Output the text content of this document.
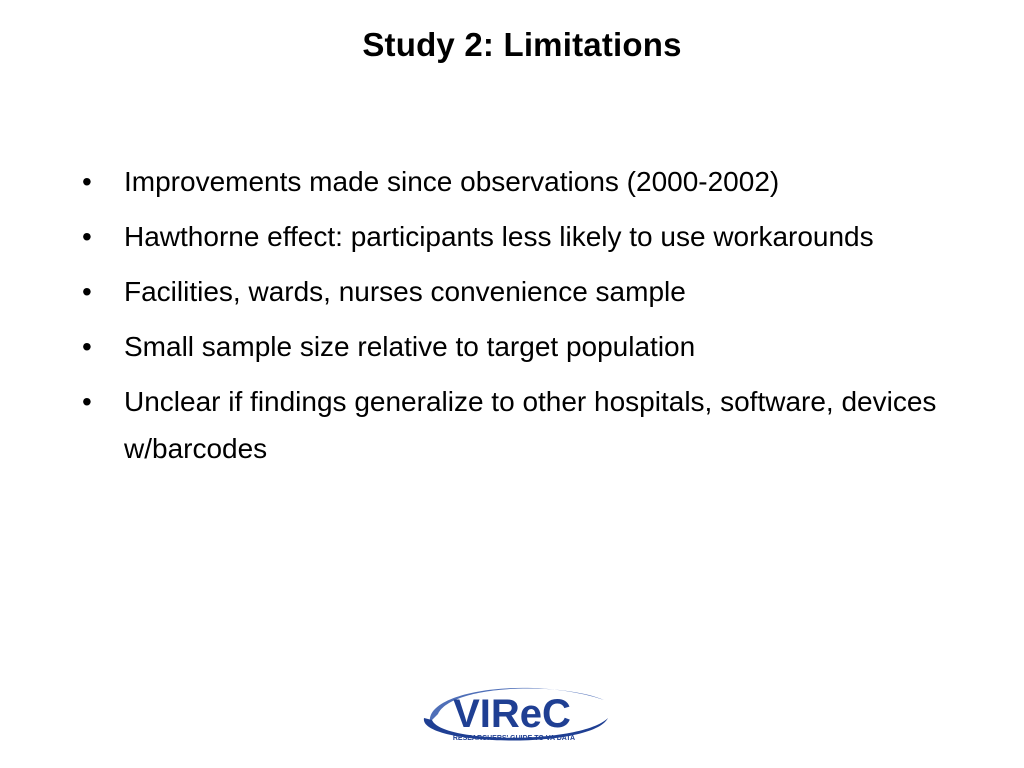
Study 2: Limitations
• Improvements made since observations (2000-2002)
• Hawthorne effect: participants less likely to use workarounds
• Facilities, wards, nurses convenience sample
• Small sample size relative to target population
• Unclear if findings generalize to other hospitals, software, devices w/barcodes
VIReC
RESEARCHERS' GUIDE TO VA DATA
